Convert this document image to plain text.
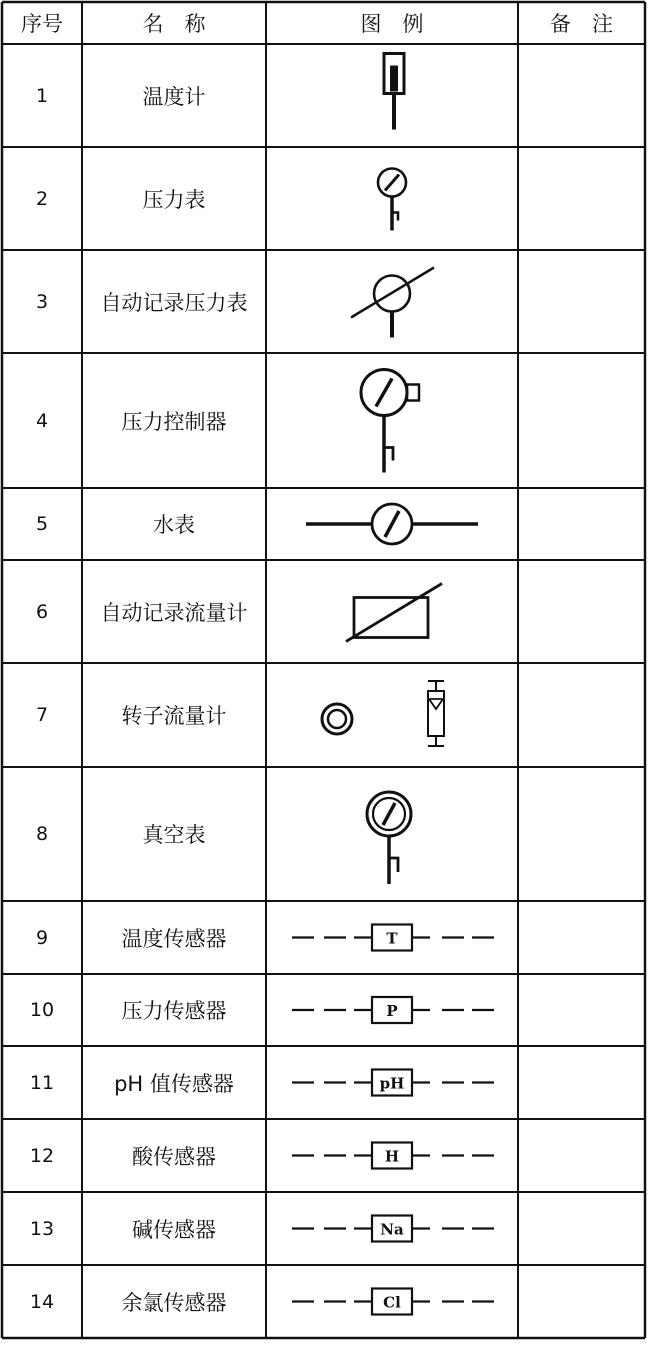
序号	名　称	图　例	备　注
1	温度计
2	压力表
3	自动记录压力表
4	压力控制器
5	水表
6	自动记录流量计
7	转子流量计
8	真空表
9	温度传感器	T
10	压力传感器	P
11	pH 值传感器	pH
12	酸传感器	H
13	碱传感器	Na
14	余氯传感器	Cl
